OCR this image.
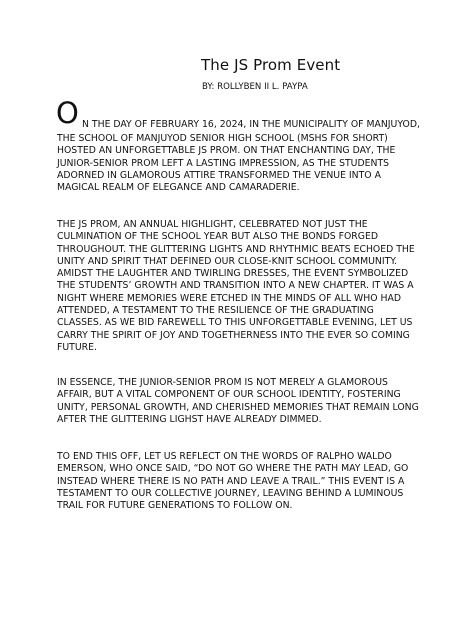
The JS Prom Event
BY: ROLLYBEN II L. PAYPA
O N THE DAY OF FEBRUARY 16, 2024, IN THE MUNICIPALITY OF MANJUYOD,

THE SCHOOL OF MANJUYOD SENIOR HIGH SCHOOL (MSHS FOR SHORT)
HOSTED AN UNFORGETTABLE JS PROM. ON THAT ENCHANTING DAY, THE
JUNIOR-SENIOR PROM LEFT A LASTING IMPRESSION, AS THE STUDENTS
ADORNED IN GLAMOROUS ATTIRE TRANSFORMED THE VENUE INTO A
MAGICAL REALM OF ELEGANCE AND CAMARADERIE.

THE JS PROM, AN ANNUAL HIGHLIGHT, CELEBRATED NOT JUST THE
CULMINATION OF THE SCHOOL YEAR BUT ALSO THE BONDS FORGED
THROUGHOUT. THE GLITTERING LIGHTS AND RHYTHMIC BEATS ECHOED THE
UNITY AND SPIRIT THAT DEFINED OUR CLOSE-KNIT SCHOOL COMMUNITY.
AMIDST THE LAUGHTER AND TWIRLING DRESSES, THE EVENT SYMBOLIZED
THE STUDENTS’ GROWTH AND TRANSITION INTO A NEW CHAPTER. IT WAS A
NIGHT WHERE MEMORIES WERE ETCHED IN THE MINDS OF ALL WHO HAD
ATTENDED, A TESTAMENT TO THE RESILIENCE OF THE GRADUATING
CLASSES. AS WE BID FAREWELL TO THIS UNFORGETTABLE EVENING, LET US
CARRY THE SPIRIT OF JOY AND TOGETHERNESS INTO THE EVER SO COMING
FUTURE.

IN ESSENCE, THE JUNIOR-SENIOR PROM IS NOT MERELY A GLAMOROUS
AFFAIR, BUT A VITAL COMPONENT OF OUR SCHOOL IDENTITY, FOSTERING
UNITY, PERSONAL GROWTH, AND CHERISHED MEMORIES THAT REMAIN LONG
AFTER THE GLITTERING LIGHST HAVE ALREADY DIMMED.

TO END THIS OFF, LET US REFLECT ON THE WORDS OF RALPHO WALDO
EMERSON, WHO ONCE SAID, “DO NOT GO WHERE THE PATH MAY LEAD, GO
INSTEAD WHERE THERE IS NO PATH AND LEAVE A TRAIL.” THIS EVENT IS A
TESTAMENT TO OUR COLLECTIVE JOURNEY, LEAVING BEHIND A LUMINOUS
TRAIL FOR FUTURE GENERATIONS TO FOLLOW ON.
